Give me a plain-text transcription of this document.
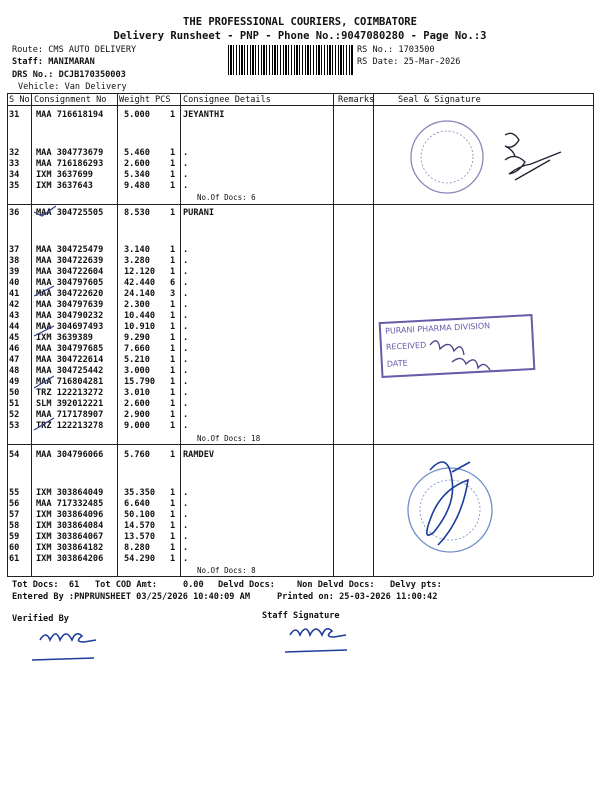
THE PROFESSIONAL COURIERS, COIMBATORE
Delivery Runsheet - PNP - Phone No.:9047080280 - Page No.:3
Route: CMS AUTO DELIVERY
Staff: MANIMARAN
DRS No.: DCJB170350003
Vehicle: Van Delivery
RS No.: 1703500
RS Date: 25-Mar-2026
S No Consignment No Weight PCS Consignee Details	Remarks	Seal & Signature
31 MAA 716618194 5.000 1 JEYANTHI
32 MAA 304773679 5.460 1 .
33 MAA 716186293 2.600 1 .
34 IXM 3637699	5.340 1 .
35 IXM 3637643	9.480 1 .
36 MAA 304725505 8.530 1 PURANI
37 MAA 304725479 3.140 1 .
38 MAA 304722639 3.280 1 .
39 MAA 304722604 12.120 1 .
40 MAA 304797605 42.440 6 .
41 MAA 304722620 24.140 3 .
42 MAA 304797639 2.300 1 .
43 MAA 304790232 10.440 1 .
44 MAA 304697493 10.910 1 .
45 IXM 3639389	9.290 1 .
46 MAA 304797685 7.660 1 .
47 MAA 304722614 5.210 1 .
48 MAA 304725442 3.000 1 .
49 MAA 716804281 15.790 1 .
50 TRZ 122213272 3.010 1 .
51 SLM 392012221 2.600 1 .
52 MAA 717178907 2.900 1 .
53 TRZ 122213278 9.000 1 .
54 MAA 304796066 5.760 1 RAMDEV
55 IXM 303864049 35.350 1 .
56 MAA 717332485 6.640 1 .
57 IXM 303864096 50.100 1 .
58 IXM 303864084 14.570 1 .
59 IXM 303864067 13.570 1 .
60 IXM 303864182 8.280 1 .
61 IXM 303864206 54.290 1 .
No.Of Docs: 6
No.Of Docs: 18
No.Of Docs: 8

PURANI PHARMA DIVISION

RECEIVED

DATE

Tot Docs:  61 Tot COD Amt:     0.00 Delvd Docs:	Non Delvd Docs: Delvy pts:
Entered By :PNPRUNSHEET 03/25/2026 10:40:09 AM	Printed on: 25-03-2026 11:00:42
Verified By	Staff Signature
